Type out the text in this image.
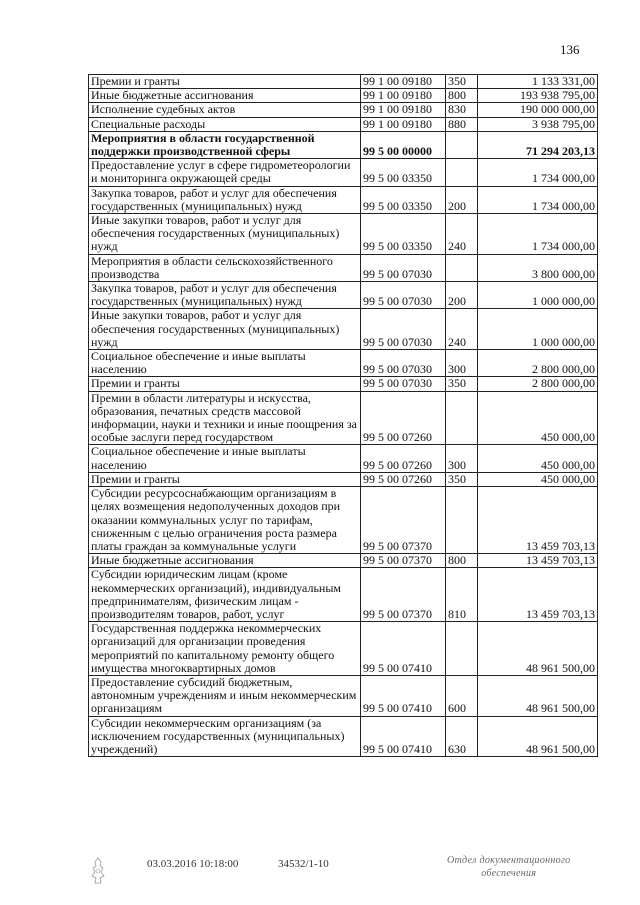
136
Премии и гранты	99 1 00 09180	350	1 133 331,00
Иные бюджетные ассигнования	99 1 00 09180	800	193 938 795,00
Исполнение судебных актов	99 1 00 09180	830	190 000 000,00
Специальные расходы	99 1 00 09180	880	3 938 795,00
Мероприятия в области государственной поддержки производственной сферы	99 5 00 00000		71 294 203,13
Предоставление услуг в сфере гидрометеорологии и мониторинга окружающей среды	99 5 00 03350		1 734 000,00
Закупка товаров, работ и услуг для обеспечения государственных (муниципальных) нужд	99 5 00 03350	200	1 734 000,00
Иные закупки товаров, работ и услуг для обеспечения государственных (муниципальных) нужд	99 5 00 03350	240	1 734 000,00
Мероприятия в области сельскохозяйственного производства	99 5 00 07030		3 800 000,00
Закупка товаров, работ и услуг для обеспечения государственных (муниципальных) нужд	99 5 00 07030	200	1 000 000,00
Иные закупки товаров, работ и услуг для обеспечения государственных (муниципальных) нужд	99 5 00 07030	240	1 000 000,00
Социальное обеспечение и иные выплаты населению	99 5 00 07030	300	2 800 000,00
Премии и гранты	99 5 00 07030	350	2 800 000,00
Премии в области литературы и искусства, образования, печатных средств массовой информации, науки и техники и иные поощрения за особые заслуги перед государством	99 5 00 07260		450 000,00
Социальное обеспечение и иные выплаты населению	99 5 00 07260	300	450 000,00
Премии и гранты	99 5 00 07260	350	450 000,00
Субсидии ресурсоснабжающим организациям в целях возмещения недополученных доходов при оказании коммунальных услуг по тарифам, сниженным с целью ограничения роста размера платы граждан за коммунальные услуги	99 5 00 07370		13 459 703,13
Иные бюджетные ассигнования	99 5 00 07370	800	13 459 703,13
Субсидии юридическим лицам (кроме некоммерческих организаций), индивидуальным предпринимателям, физическим лицам - производителям товаров, работ, услуг	99 5 00 07370	810	13 459 703,13
Государственная поддержка некоммерческих организаций для организации проведения мероприятий по капитальному ремонту общего имущества многоквартирных домов	99 5 00 07410		48 961 500,00
Предоставление субсидий бюджетным, автономным учреждениям и иным некоммерческим организациям	99 5 00 07410	600	48 961 500,00
Субсидии некоммерческим организациям (за исключением государственных (муниципальных) учреждений)	99 5 00 07410	630	48 961 500,00
03.03.2016 10:18:00	34532/1-10	Отдел документационного
обеспечения
